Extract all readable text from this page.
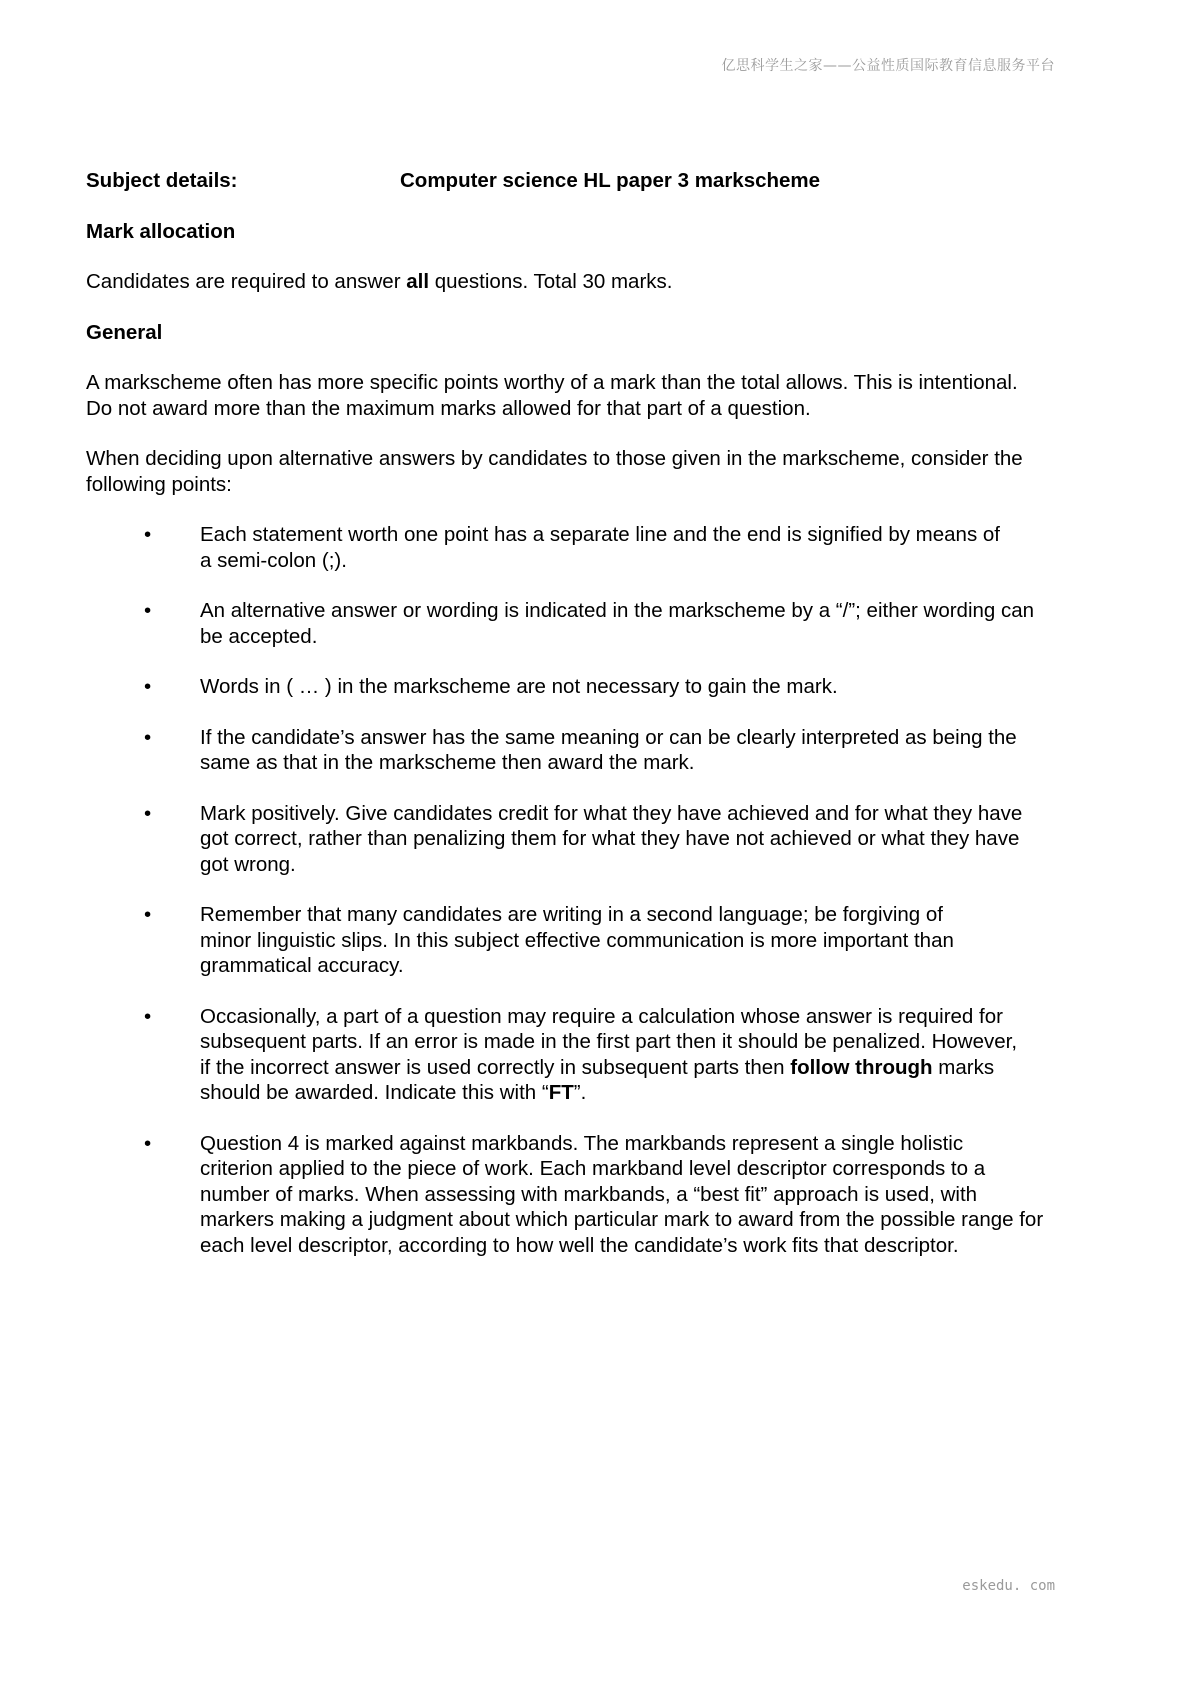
亿思科学生之家——公益性质国际教育信息服务平台
Subject details:	Computer science HL paper 3 markscheme

Mark allocation

Candidates are required to answer all questions. Total 30 marks.

General

A markscheme often has more specific points worthy of a mark than the total allows. This is intentional.
Do not award more than the maximum marks allowed for that part of a question.

When deciding upon alternative answers by candidates to those given in the markscheme, consider the
following points:

• Each statement worth one point has a separate line and the end is signified by means of
a semi-colon (;).
• An alternative answer or wording is indicated in the markscheme by a “/”; either wording can
be accepted.
• Words in ( … ) in the markscheme are not necessary to gain the mark.
• If the candidate’s answer has the same meaning or can be clearly interpreted as being the
same as that in the markscheme then award the mark.
• Mark positively. Give candidates credit for what they have achieved and for what they have
got correct, rather than penalizing them for what they have not achieved or what they have
got wrong.
• Remember that many candidates are writing in a second language; be forgiving of
minor linguistic slips. In this subject effective communication is more important than
grammatical accuracy.
• Occasionally, a part of a question may require a calculation whose answer is required for
subsequent parts. If an error is made in the first part then it should be penalized. However,
if the incorrect answer is used correctly in subsequent parts then follow through marks
should be awarded. Indicate this with “FT”.
• Question 4 is marked against markbands. The markbands represent a single holistic
criterion applied to the piece of work. Each markband level descriptor corresponds to a
number of marks. When assessing with markbands, a “best fit” approach is used, with
markers making a judgment about which particular mark to award from the possible range for
each level descriptor, according to how well the candidate’s work fits that descriptor.
eskedu. com
